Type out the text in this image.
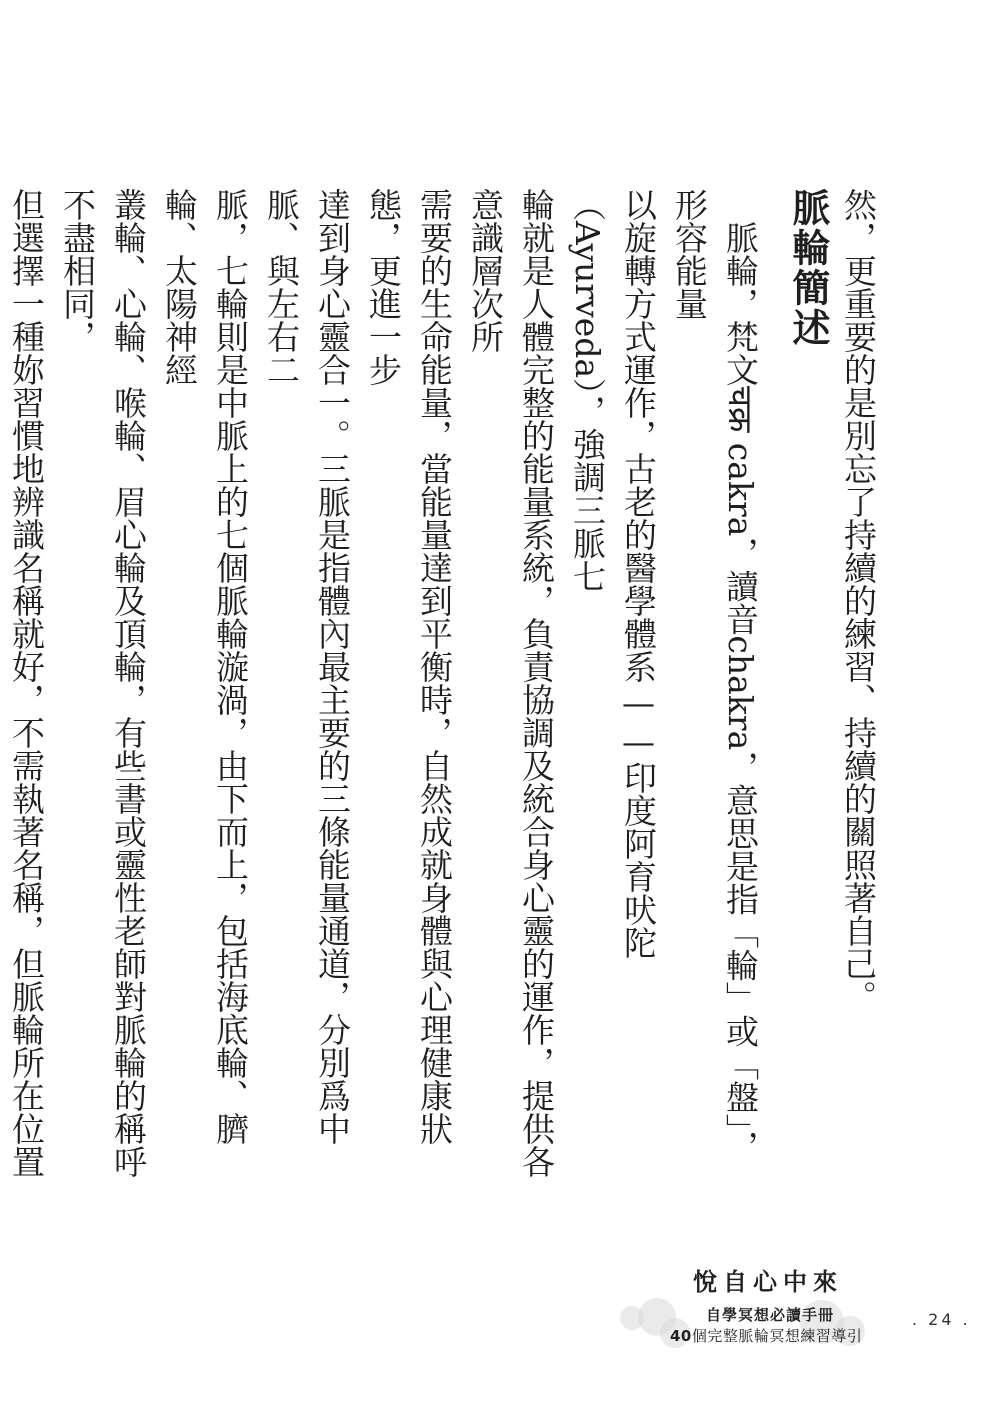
然，更重要的是別忘了持續的練習、持續的關照著自己。
脈輪簡述
脈輪，梵文चक्र cakra，讀音chakra，意思是指「輪」或「盤」，形容能量
以旋轉方式運作，古老的醫學體系——印度阿育吠陀（Ayurveda），強調三脈七
輪就是人體完整的能量系統，負責協調及統合身心靈的運作，提供各意識層次所
需要的生命能量，當能量達到平衡時，自然成就身體與心理健康狀態，更進一步
達到身心靈合一。三脈是指體內最主要的三條能量通道，分別爲中脈、與左右二
脈，七輪則是中脈上的七個脈輪漩渦，由下而上，包括海底輪、臍輪、太陽神經
叢輪、心輪、喉輪、眉心輪及頂輪，有些書或靈性老師對脈輪的稱呼不盡相同，
但選擇一種妳習慣地辨識名稱就好，不需執著名稱，但脈輪所在位置
悅自心中來
自學冥想必讀手冊
40個完整脈輪冥想練習導引
. 24 .
